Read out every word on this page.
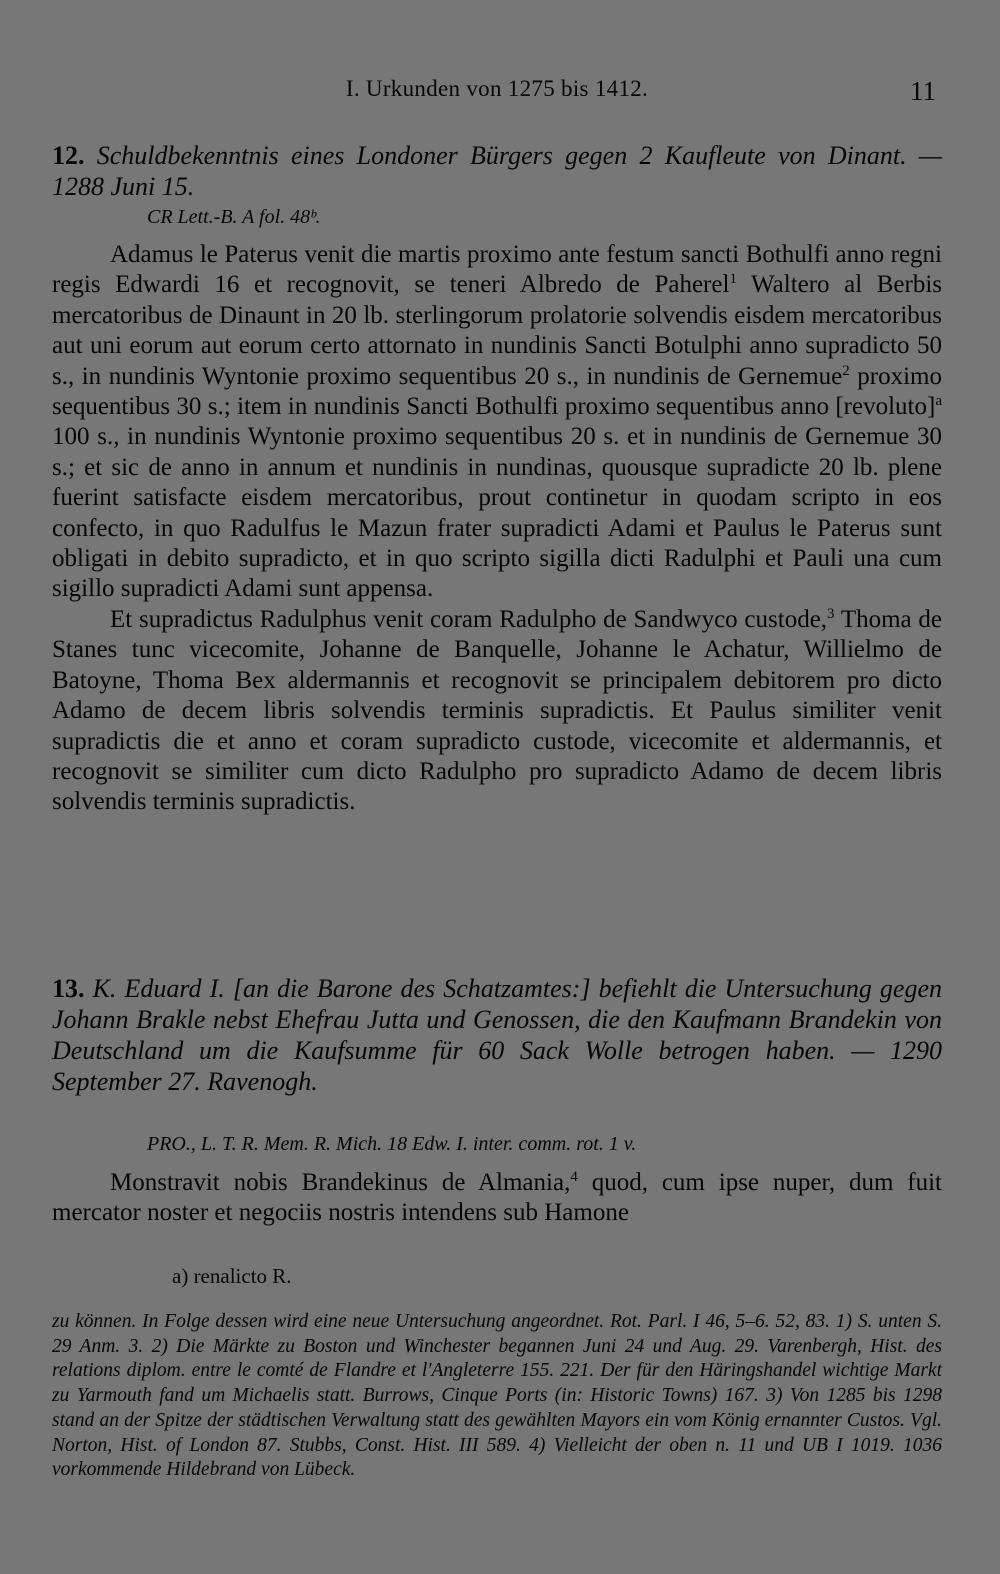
I. Urkunden von 1275 bis 1412.	11
12. Schuldbekenntnis eines Londoner Bürgers gegen 2 Kaufleute von Dinant. — 1288 Juni 15.
CR Lett.-B. A fol. 48ᵇ.

Adamus le Paterus venit die martis proximo ante festum sancti Bothulfi anno regni regis Edwardi 16 et recognovit, se teneri Albredo de Paherel$^1$ Waltero al Berbis mercatoribus de Dinaunt in 20 lb. sterlingorum prolatorie solvendis eisdem mercatoribus aut uni eorum aut eorum certo attornato in nundinis Sancti Botulphi anno supradicto 50 s., in nundinis Wyntonie proximo sequentibus 20 s., in nundinis de Gernemue$^2$ proximo sequentibus 30 s.; item in nundinis Sancti Bothulfi proximo sequentibus anno [revoluto]$^a$ 100 s., in nundinis Wyntonie proximo sequentibus 20 s. et in nundinis de Gernemue 30 s.; et sic de anno in annum et nundinis in nundinas, quousque supradicte 20 lb. plene fuerint satisfacte eisdem mercatoribus, prout continetur in quodam scripto in eos confecto, in quo Radulfus le Mazun frater supradicti Adami et Paulus le Paterus sunt obligati in debito supradicto, et in quo scripto sigilla dicti Radulphi et Pauli una cum sigillo supradicti Adami sunt appensa.

Et supradictus Radulphus venit coram Radulpho de Sandwyco custode,$^3$ Thoma de Stanes tunc vicecomite, Johanne de Banquelle, Johanne le Achatur, Willielmo de Batoyne, Thoma Bex aldermannis et recognovit se principalem debitorem pro dicto Adamo de decem libris solvendis terminis supradictis. Et Paulus similiter venit supradictis die et anno et coram supradicto custode, vicecomite et aldermannis, et recognovit se similiter cum dicto Radulpho pro supradicto Adamo de decem libris solvendis terminis supradictis.

13. K. Eduard I. [an die Barone des Schatzamtes:] befiehlt die Untersuchung gegen Johann Brakle nebst Ehefrau Jutta und Genossen, die den Kaufmann Brandekin von Deutschland um die Kaufsumme für 60 Sack Wolle betrogen haben. — 1290 September 27. Ravenogh.
PRO., L. T. R. Mem. R. Mich. 18 Edw. I. inter. comm. rot. 1 v.

Monstravit nobis Brandekinus de Almania,$^4$ quod, cum ipse nuper, dum fuit mercator noster et negociis nostris intendens sub Hamone

a) renalicto R.
zu können. In Folge dessen wird eine neue Untersuchung angeordnet. Rot. Parl. I 46, 5–6. 52, 83. 1) S. unten S. 29 Anm. 3. 2) Die Märkte zu Boston und Winchester begannen Juni 24 und Aug. 29. Varenbergh, Hist. des relations diplom. entre le comté de Flandre et l'Angleterre 155. 221. Der für den Häringshandel wichtige Markt zu Yarmouth fand um Michaelis statt. Burrows, Cinque Ports (in: Historic Towns) 167. 3) Von 1285 bis 1298 stand an der Spitze der städtischen Verwaltung statt des gewählten Mayors ein vom König ernannter Custos. Vgl. Norton, Hist. of London 87. Stubbs, Const. Hist. III 589. 4) Vielleicht der oben n. 11 und UB I 1019. 1036 vorkommende Hildebrand von Lübeck.
